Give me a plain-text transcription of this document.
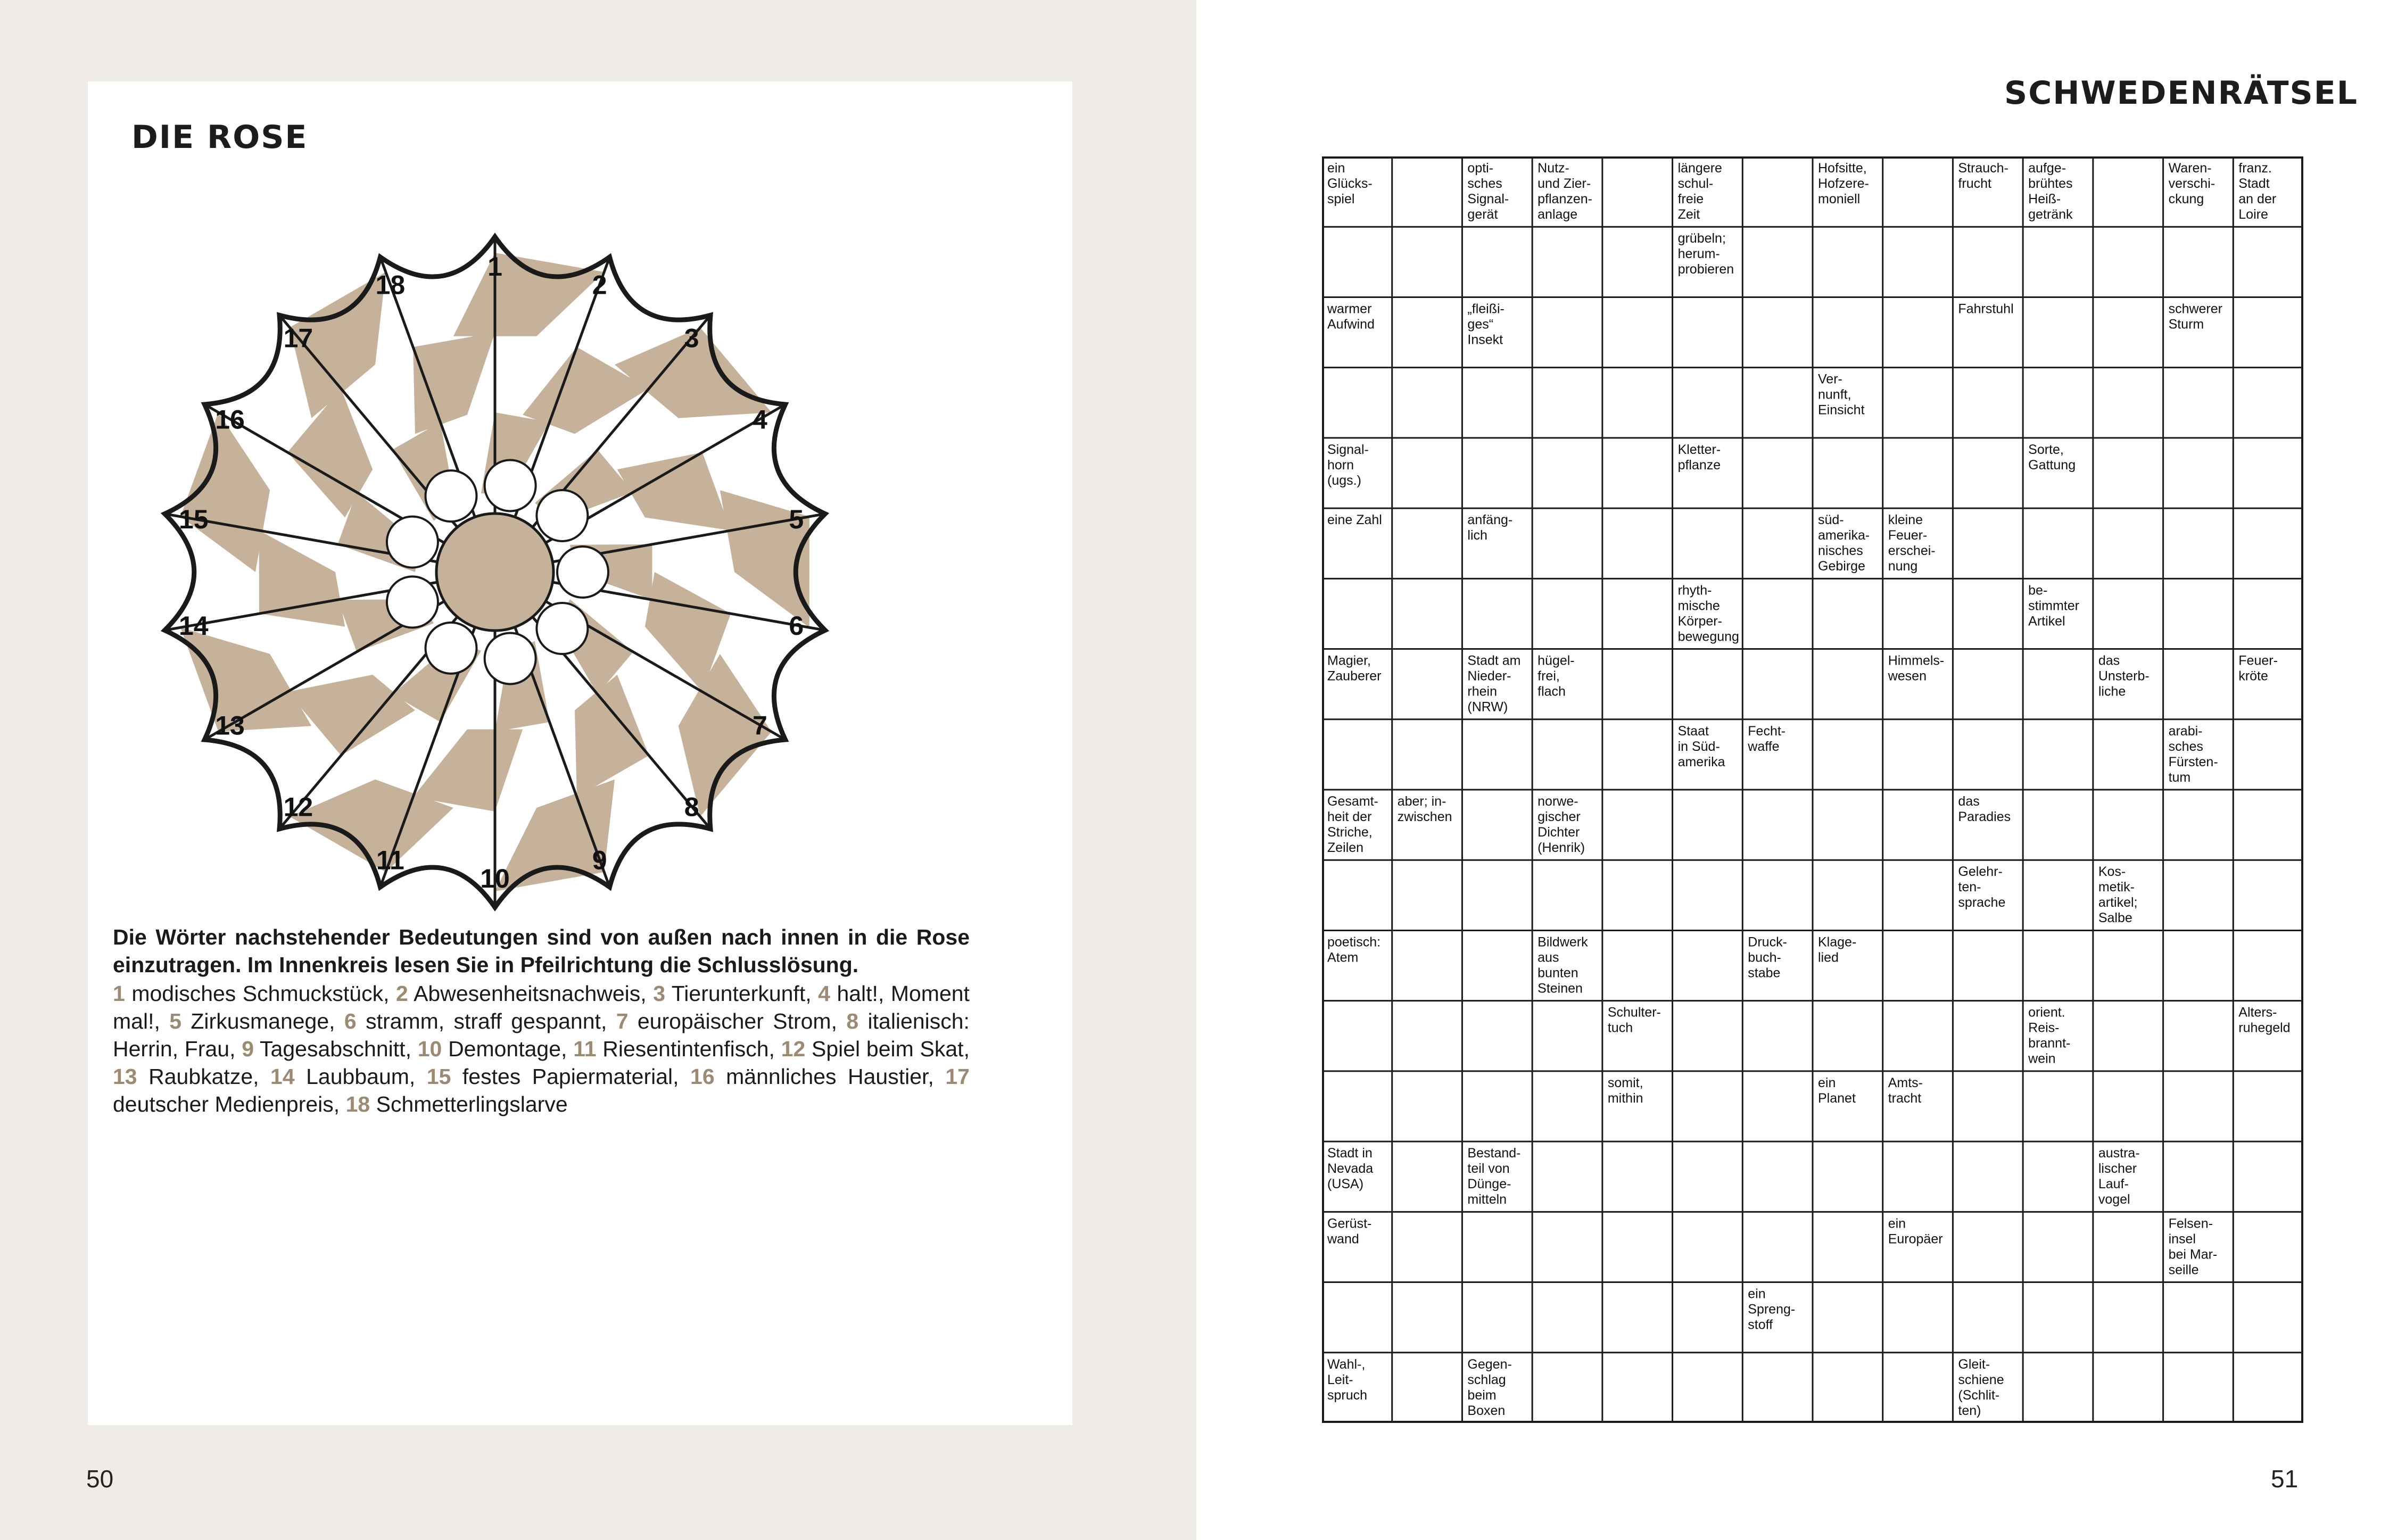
DIE ROSE
1
2
3
4
5
6
7
8
9
10
11
12
13
14
15
16
17
18
Die Wörter nachstehender Bedeutungen sind von außen nach innen in die Rose einzutragen. Im Innenkreis lesen Sie in Pfeilrichtung die Schlusslösung.
1 modisches Schmuckstück, 2 Abwesenheitsnachweis, 3 Tierunterkunft, 4 halt!, Moment mal!, 5 Zirkusmanege, 6 stramm, straff gespannt, 7 europäischer Strom, 8 italienisch: Herrin, Frau, 9 Tagesabschnitt, 10 Demontage, 11 Riesentintenfisch, 12 Spiel beim Skat, 13 Raubkatze, 14 Laubbaum, 15 festes Papiermaterial, 16 männliches Haustier, 17 deutscher Medienpreis, 18 Schmetterlingslarve
50
SCHWEDENRÄTSEL
51
ein Glücks-spiel
opti-sches Signal-gerät
Nutz-und Zier-pflanzen-anlage
längere schul-freie Zeit
Hofsitte, Hofzere-moniell
Strauch-frucht
aufge-brühtes Heiß-getränk
Waren-verschi-ckung
franz. Stadt an der Loire
grübeln; herum-probieren
warmer Aufwind
„fleißi-ges“ Insekt
Fahrstuhl	schwerer Sturm
Ver-nunft, Einsicht
Signal-horn (ugs.)
Kletter-pflanze
Sorte, Gattung
eine Zahl	anfäng-lich
süd-amerika-nisches Gebirge
kleine Feuer-erschei-nung
rhyth-mische Körper-bewegung
be-stimmter Artikel
Magier, Zauberer
Stadt am Nieder-rhein (NRW)
hügel-frei, flach
Himmels-wesen
das Unsterb-liche
Feuer-kröte
Staat in Süd-amerika
Fecht-waffe
arabi-sches Fürsten-tum
Gesamt-heit der Striche, Zeilen
aber; in-zwischen
norwe-gischer Dichter (Henrik)
das Paradies
Gelehr-ten-sprache
Kos-metik-artikel; Salbe
poetisch: Atem
Bildwerk aus bunten Steinen
Druck-buch-stabe
Klage-lied
Schulter-tuch
orient. Reis-brannt-wein
Alters-ruhegeld
somit, mithin
ein Planet
Amts-tracht
Stadt in Nevada (USA)
Bestand-teil von Dünge-mitteln
austra-lischer Lauf-vogel
Gerüst-wand
ein Europäer
Felsen-insel bei Mar-seille
ein Spreng-stoff
Wahl-, Leit-spruch
Gegen-schlag beim Boxen
Gleit-schiene (Schlit-ten)
